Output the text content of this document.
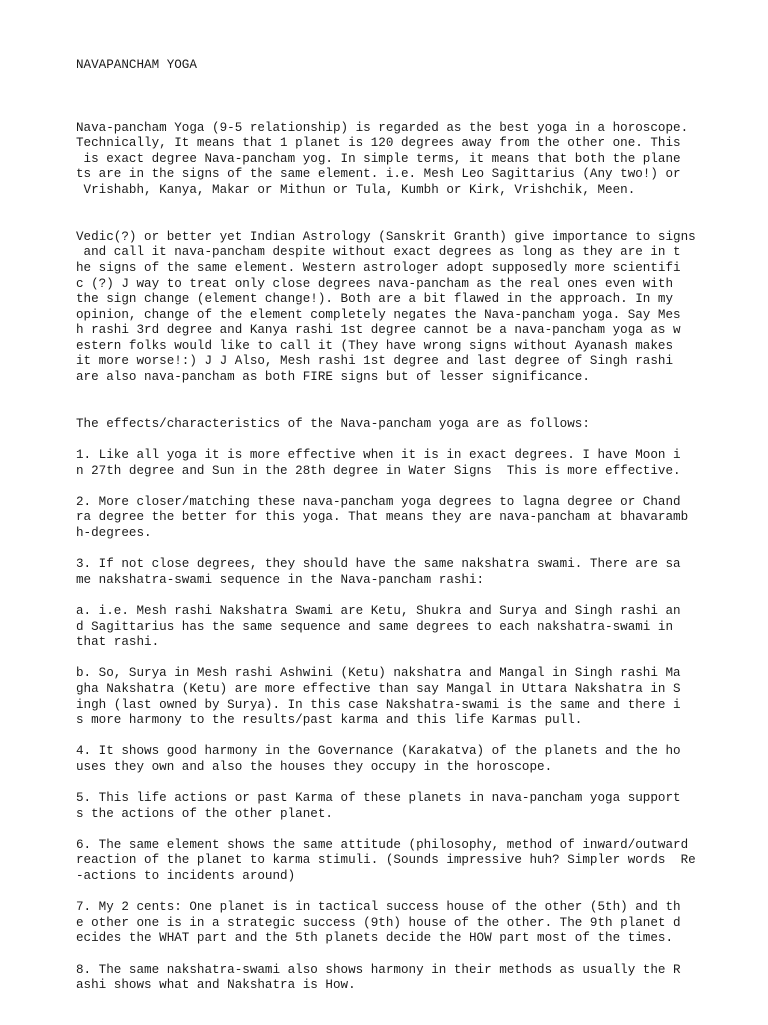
NAVAPANCHAM YOGA

Nava-pancham Yoga (9-5 relationship) is regarded as the best yoga in a horoscope.
Technically, It means that 1 planet is 120 degrees away from the other one. This
is exact degree Nava-pancham yog. In simple terms, it means that both the plane
ts are in the signs of the same element. i.e. Mesh Leo Sagittarius (Any two!) or
Vrishabh, Kanya, Makar or Mithun or Tula, Kumbh or Kirk, Vrishchik, Meen.
Vedic(?) or better yet Indian Astrology (Sanskrit Granth) give importance to signs
and call it nava-pancham despite without exact degrees as long as they are in t
he signs of the same element. Western astrologer adopt supposedly more scientifi
c (?) J way to treat only close degrees nava-pancham as the real ones even with
the sign change (element change!). Both are a bit flawed in the approach. In my
opinion, change of the element completely negates the Nava-pancham yoga. Say Mes
h rashi 3rd degree and Kanya rashi 1st degree cannot be a nava-pancham yoga as w
estern folks would like to call it (They have wrong signs without Ayanash makes
it more worse!:) J J Also, Mesh rashi 1st degree and last degree of Singh rashi
are also nava-pancham as both FIRE signs but of lesser significance.
The effects/characteristics of the Nava-pancham yoga are as follows:
1. Like all yoga it is more effective when it is in exact degrees. I have Moon i
n 27th degree and Sun in the 28th degree in Water Signs  This is more effective.
2. More closer/matching these nava-pancham yoga degrees to lagna degree or Chand
ra degree the better for this yoga. That means they are nava-pancham at bhavaramb
h-degrees.
3. If not close degrees, they should have the same nakshatra swami. There are sa
me nakshatra-swami sequence in the Nava-pancham rashi:
a. i.e. Mesh rashi Nakshatra Swami are Ketu, Shukra and Surya and Singh rashi an
d Sagittarius has the same sequence and same degrees to each nakshatra-swami in
that rashi.
b. So, Surya in Mesh rashi Ashwini (Ketu) nakshatra and Mangal in Singh rashi Ma
gha Nakshatra (Ketu) are more effective than say Mangal in Uttara Nakshatra in S
ingh (last owned by Surya). In this case Nakshatra-swami is the same and there i
s more harmony to the results/past karma and this life Karmas pull.
4. It shows good harmony in the Governance (Karakatva) of the planets and the ho
uses they own and also the houses they occupy in the horoscope.
5. This life actions or past Karma of these planets in nava-pancham yoga support
s the actions of the other planet.
6. The same element shows the same attitude (philosophy, method of inward/outward
reaction of the planet to karma stimuli. (Sounds impressive huh? Simpler words  Re
-actions to incidents around)
7. My 2 cents: One planet is in tactical success house of the other (5th) and th
e other one is in a strategic success (9th) house of the other. The 9th planet d
ecides the WHAT part and the 5th planets decide the HOW part most of the times.
8. The same nakshatra-swami also shows harmony in their methods as usually the R
ashi shows what and Nakshatra is How.
